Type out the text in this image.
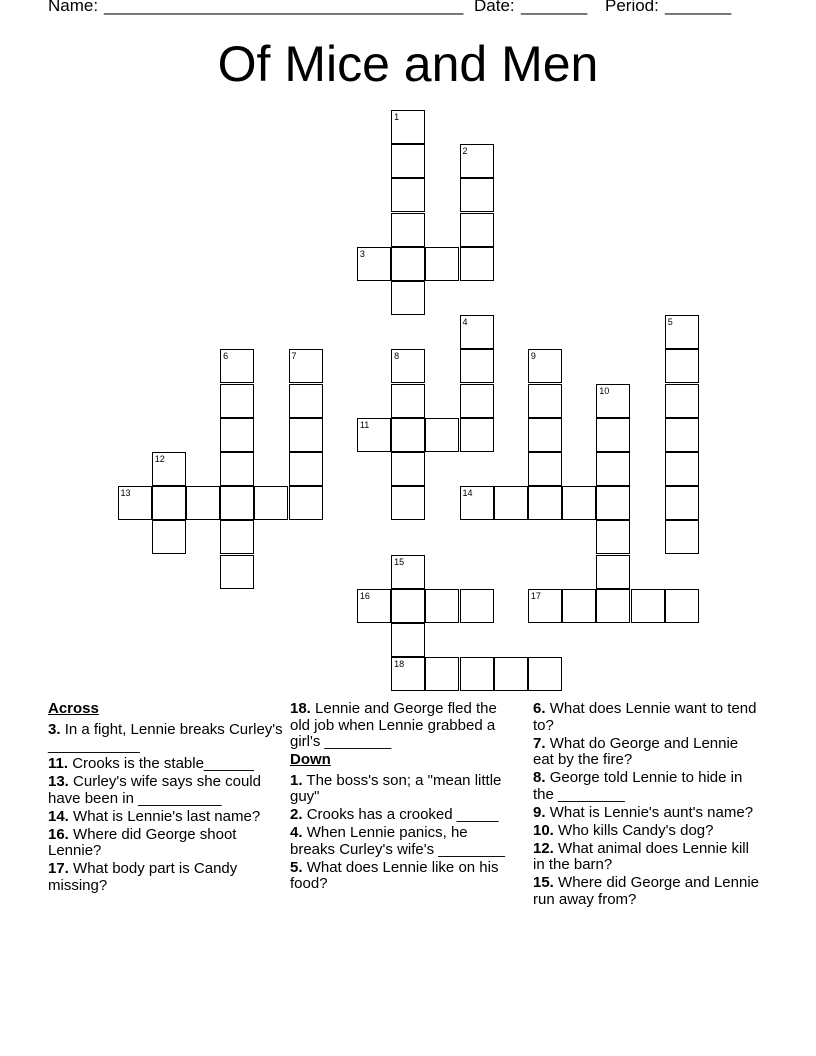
Name: ______________________________________ Date: _______ Period: _______
Of Mice and Men
1
2
3
4	5
6	7	8	9
10
11
12
13	14
15
18
16	17
Across
3. In a fight, Lennie breaks Curley's ___________
11. Crooks is the stable______
13. Curley's wife says she could have been in __________
14. What is Lennie's last name?
16. Where did George shoot Lennie?
17. What body part is Candy missing?
18. Lennie and George fled the old job when Lennie grabbed a girl's ________
Down
1. The boss's son; a "mean little guy"
2. Crooks has a crooked _____
4. When Lennie panics, he breaks Curley's wife's ________
5. What does Lennie like on his food?
6. What does Lennie want to tend to?
7. What do George and Lennie eat by the fire?
8. George told Lennie to hide in the ________
9. What is Lennie's aunt's name?
10. Who kills Candy's dog?
12. What animal does Lennie kill in the barn?
15. Where did George and Lennie run away from?
